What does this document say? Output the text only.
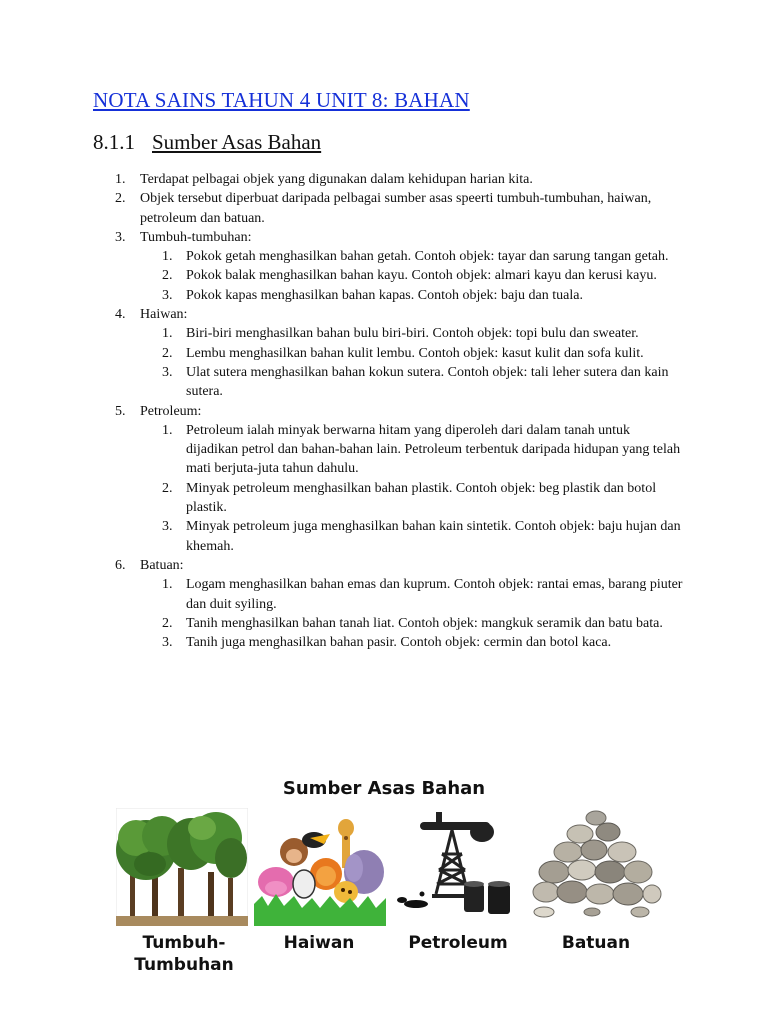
NOTA SAINS TAHUN 4 UNIT 8: BAHAN
8.1.1 Sumber Asas Bahan
1. Terdapat pelbagai objek yang digunakan dalam kehidupan harian kita.
2. Objek tersebut diperbuat daripada pelbagai sumber asas speerti tumbuh-tumbuhan, haiwan, petroleum dan batuan.
3. Tumbuh-tumbuhan:
1. Pokok getah menghasilkan bahan getah. Contoh objek: tayar dan sarung tangan getah.
2. Pokok balak menghasilkan bahan kayu. Contoh objek: almari kayu dan kerusi kayu.
3. Pokok kapas menghasilkan bahan kapas. Contoh objek: baju dan tuala.
4. Haiwan:
1. Biri-biri menghasilkan bahan bulu biri-biri. Contoh objek: topi bulu dan sweater.
2. Lembu menghasilkan bahan kulit lembu. Contoh objek: kasut kulit dan sofa kulit.
3. Ulat sutera menghasilkan bahan kokun sutera. Contoh objek: tali leher sutera dan kain sutera.
5. Petroleum:
1. Petroleum ialah minyak berwarna hitam yang diperoleh dari dalam tanah untuk dijadikan petrol dan bahan-bahan lain. Petroleum terbentuk daripada hidupan yang telah mati berjuta-juta tahun dahulu.
2. Minyak petroleum menghasilkan bahan plastik. Contoh objek: beg plastik dan botol plastik.
3. Minyak petroleum juga menghasilkan bahan kain sintetik. Contoh objek: baju hujan dan khemah.
6. Batuan:
1. Logam menghasilkan bahan emas dan kuprum. Contoh objek: rantai emas, barang piuter dan duit syiling.
2. Tanih menghasilkan bahan tanah liat. Contoh objek: mangkuk seramik dan batu bata.
3. Tanih juga menghasilkan bahan pasir. Contoh objek: cermin dan botol kaca.
Sumber Asas Bahan
Tumbuh-
Tumbuhan
Haiwan	Petroleum	Batuan
